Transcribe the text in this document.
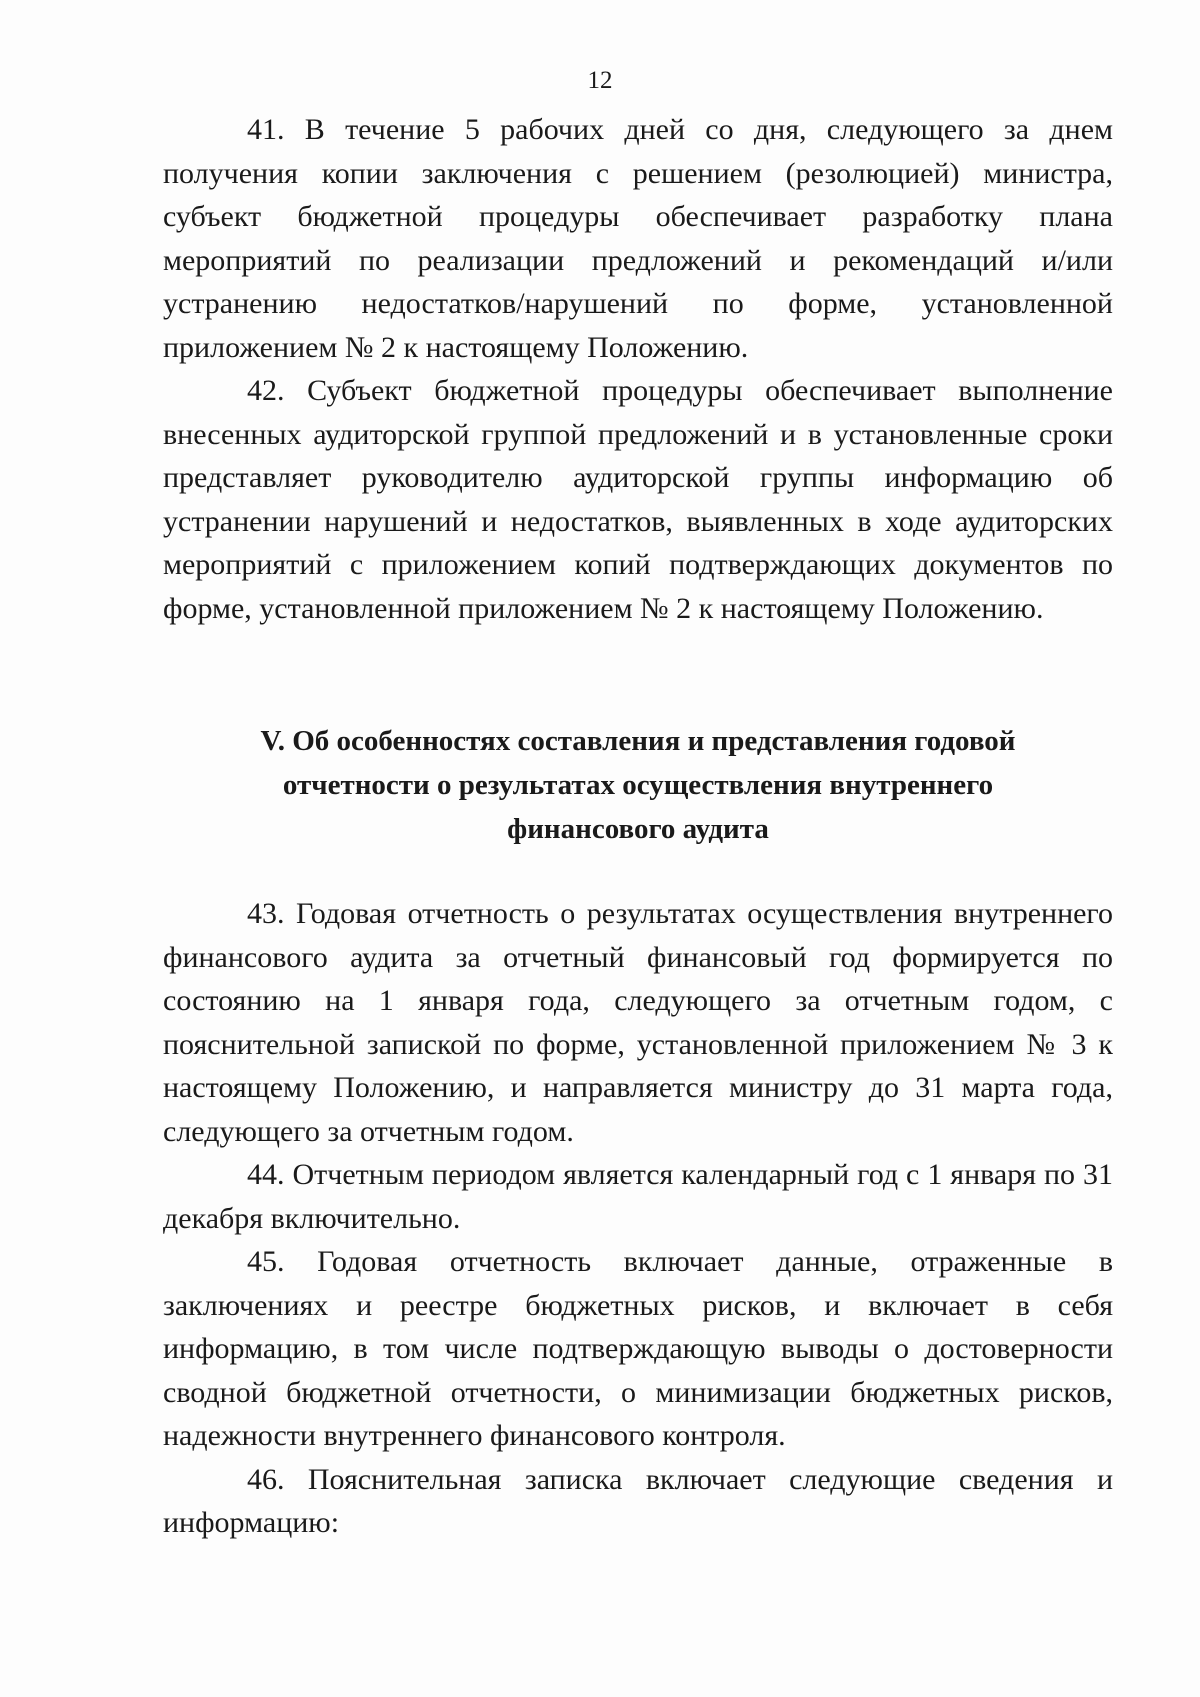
12

41. В течение 5 рабочих дней со дня, следующего за днем получения копии заключения с решением (резолюцией) министра, субъект бюджетной процедуры обеспечивает разработку плана мероприятий по реализации предложений и рекомендаций и/или устранению недостатков/нарушений по форме, установленной приложением № 2 к настоящему Положению.

42. Субъект бюджетной процедуры обеспечивает выполнение внесенных аудиторской группой предложений и в установленные сроки представляет руководителю аудиторской группы информацию об устранении нарушений и недостатков, выявленных в ходе аудиторских мероприятий с приложением копий подтверждающих документов по форме, установленной приложением № 2 к настоящему Положению.

V. Об особенностях составления и представления годовой
отчетности о результатах осуществления внутреннего
финансового аудита

43. Годовая отчетность о результатах осуществления внутреннего финансового аудита за отчетный финансовый год формируется по состоянию на 1 января года, следующего за отчетным годом, с пояснительной запиской по форме, установленной приложением № 3 к настоящему Положению, и направляется министру до 31 марта года, следующего за отчетным годом.

44. Отчетным периодом является календарный год с 1 января по 31 декабря включительно.

45. Годовая отчетность включает данные, отраженные в заключениях и реестре бюджетных рисков, и включает в себя информацию, в том числе подтверждающую выводы о достоверности сводной бюджетной отчетности, о минимизации бюджетных рисков, надежности внутреннего финансового контроля.

46. Пояснительная записка включает следующие сведения и информацию:
